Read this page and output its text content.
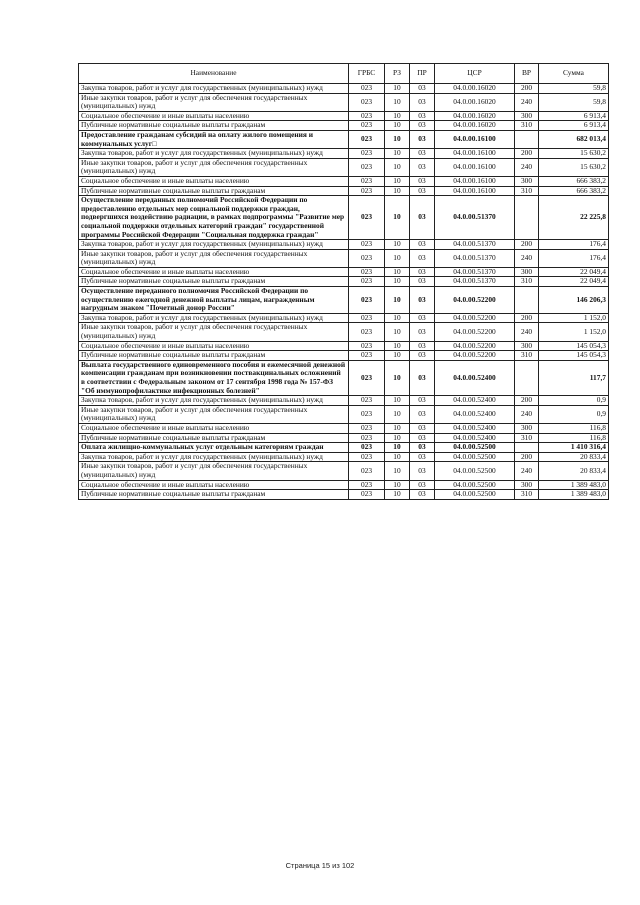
Наименование	ГРБС	РЗ	ПР	ЦСР	ВР	Сумма
Закупка товаров, работ и услуг для государственных (муниципальных) нужд	023	10	03	04.0.00.16020	200	59,8
Иные закупки товаров, работ и услуг для обеспечения государственных (муниципальных) нужд	023	10	03	04.0.00.16020	240	59,8
Социальное обеспечение и иные выплаты населению	023	10	03	04.0.00.16020	300	6 913,4
Публичные нормативные социальные выплаты гражданам	023	10	03	04.0.00.16020	310	6 913,4
Предоставление гражданам субсидий на оплату жилого помещения и коммунальных услуг□	023	10	03	04.0.00.16100		682 013,4
Закупка товаров, работ и услуг для государственных (муниципальных) нужд	023	10	03	04.0.00.16100	200	15 630,2
Иные закупки товаров, работ и услуг для обеспечения государственных (муниципальных) нужд	023	10	03	04.0.00.16100	240	15 630,2
Социальное обеспечение и иные выплаты населению	023	10	03	04.0.00.16100	300	666 383,2
Публичные нормативные социальные выплаты гражданам	023	10	03	04.0.00.16100	310	666 383,2
Осуществление переданных полномочий Российской Федерации по предоставлению отдельных мер социальной поддержки граждан, подвергшихся воздействию радиации, в рамках подпрограммы "Развитие мер социальной поддержки отдельных категорий граждан" государственной программы Российской Федерации "Социальная поддержка граждан"	023	10	03	04.0.00.51370		22 225,8
Закупка товаров, работ и услуг для государственных (муниципальных) нужд	023	10	03	04.0.00.51370	200	176,4
Иные закупки товаров, работ и услуг для обеспечения государственных (муниципальных) нужд	023	10	03	04.0.00.51370	240	176,4
Социальное обеспечение и иные выплаты населению	023	10	03	04.0.00.51370	300	22 049,4
Публичные нормативные социальные выплаты гражданам	023	10	03	04.0.00.51370	310	22 049,4
Осуществление переданного полномочия Российской Федерации по осуществлению ежегодной денежной выплаты лицам, награжденным нагрудным знаком "Почетный донор России"	023	10	03	04.0.00.52200		146 206,3
Закупка товаров, работ и услуг для государственных (муниципальных) нужд	023	10	03	04.0.00.52200	200	1 152,0
Иные закупки товаров, работ и услуг для обеспечения государственных (муниципальных) нужд	023	10	03	04.0.00.52200	240	1 152,0
Социальное обеспечение и иные выплаты населению	023	10	03	04.0.00.52200	300	145 054,3
Публичные нормативные социальные выплаты гражданам	023	10	03	04.0.00.52200	310	145 054,3
Выплата государственного единовременного пособия и ежемесячной денежной компенсации гражданам при возникновении поствакцинальных осложнений в соответствии с Федеральным законом от 17 сентября 1998 года № 157-ФЗ "Об иммунопрофилактике инфекционных болезней"	023	10	03	04.0.00.52400		117,7
Закупка товаров, работ и услуг для государственных (муниципальных) нужд	023	10	03	04.0.00.52400	200	0,9
Иные закупки товаров, работ и услуг для обеспечения государственных (муниципальных) нужд	023	10	03	04.0.00.52400	240	0,9
Социальное обеспечение и иные выплаты населению	023	10	03	04.0.00.52400	300	116,8
Публичные нормативные социальные выплаты гражданам	023	10	03	04.0.00.52400	310	116,8
Оплата жилищно-коммунальных услуг отдельным категориям граждан	023	10	03	04.0.00.52500		1 410 316,4
Закупка товаров, работ и услуг для государственных (муниципальных) нужд	023	10	03	04.0.00.52500	200	20 833,4
Иные закупки товаров, работ и услуг для обеспечения государственных (муниципальных) нужд	023	10	03	04.0.00.52500	240	20 833,4
Социальное обеспечение и иные выплаты населению	023	10	03	04.0.00.52500	300	1 389 483,0
Публичные нормативные социальные выплаты гражданам	023	10	03	04.0.00.52500	310	1 389 483,0
Страница 15 из 102
